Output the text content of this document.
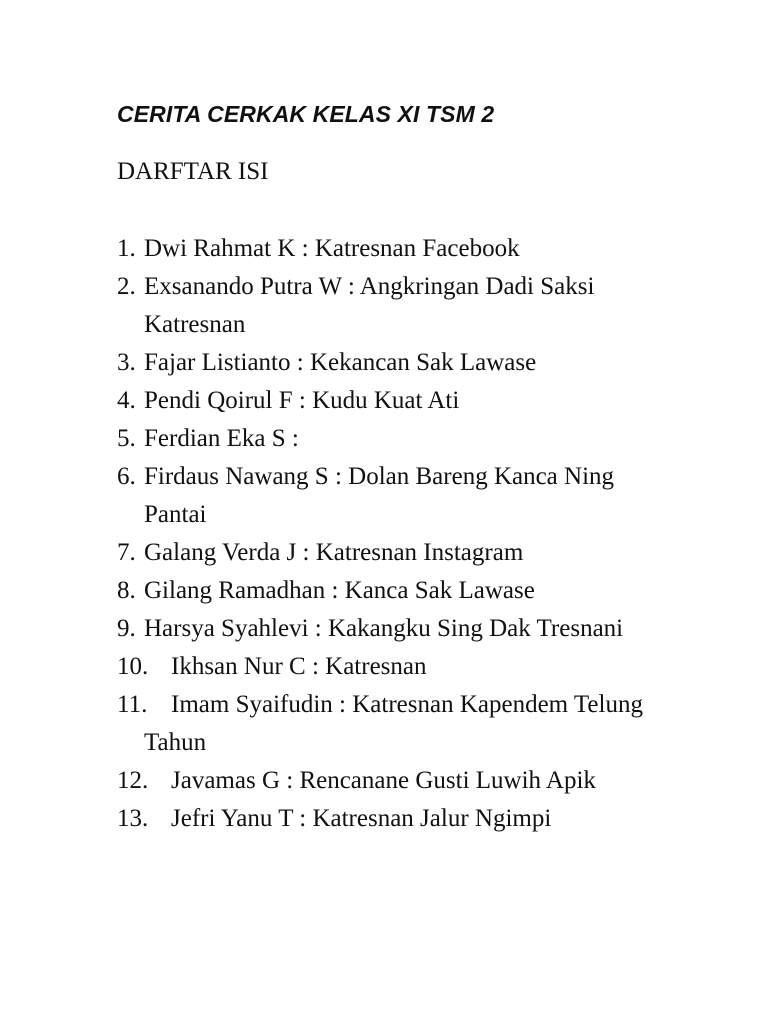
CERITA CERKAK KELAS XI TSM 2
DARFTAR ISI
1. Dwi Rahmat K : Katresnan Facebook
2. Exsanando Putra W : Angkringan Dadi Saksi Katresnan
3. Fajar Listianto : Kekancan Sak Lawase
4. Pendi Qoirul F : Kudu Kuat Ati
5. Ferdian Eka S :
6. Firdaus Nawang S : Dolan Bareng Kanca Ning Pantai
7. Galang Verda J : Katresnan Instagram
8. Gilang Ramadhan : Kanca Sak Lawase
9. Harsya Syahlevi : Kakangku Sing Dak Tresnani
10. Ikhsan Nur C : Katresnan
11. Imam Syaifudin : Katresnan Kapendem Telung Tahun
12. Javamas G : Rencanane Gusti Luwih Apik
13. Jefri Yanu T : Katresnan Jalur Ngimpi
